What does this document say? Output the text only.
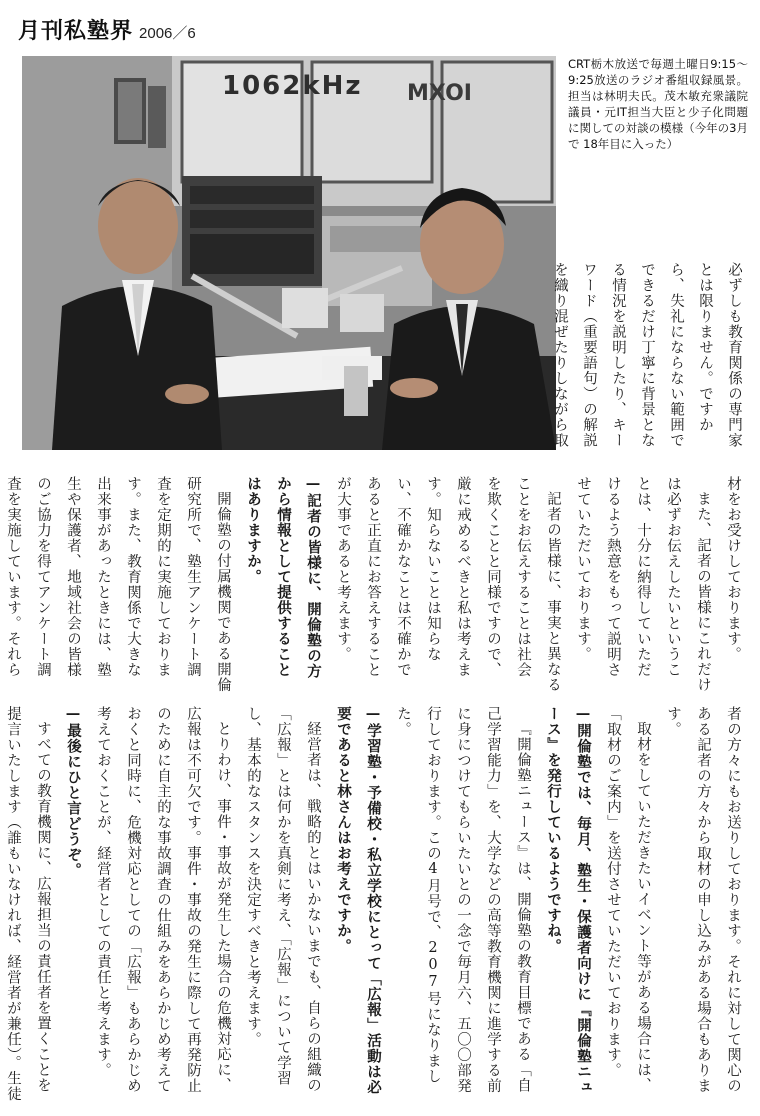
月刊私塾界 2006／6
1062kHz MXOI
CRT栃木放送で毎週土曜日9:15〜9:25放送のラジオ番組収録風景。担当は林明夫氏。茂木敏充衆議院議員・元IT担当大臣と少子化問題に関しての対談の模様（今年の3月で 18年目に入った）

必ずしも教育関係の専門家とは限りません。ですから、失礼にならない範囲でできるだけ丁寧に背景となる情況を説明したり、キーワード（重要語句）の解説を織り混ぜたりしながら取

材をお受けしております。

また、記者の皆様にこれだけは必ずお伝えしたいということは、十分に納得していただけるよう熱意をもって説明させていただいております。

記者の皆様に、事実と異なることをお伝えすることは社会を欺くことと同様ですので、厳に戒めるべきと私は考えます。知らないことは知らない、不確かなことは不確かであると正直にお答えすることが大事であると考えます。

—記者の皆様に、開倫塾の方から情報として提供することはありますか。

開倫塾の付属機関である開倫研究所で、塾生アンケート調査を定期的に実施しております。また、教育関係で大きな出来事があったときには、塾生や保護者、地域社会の皆様のご協力を得てアンケート調査を実施しています。それら

者の方々にもお送りしております。それに対して関心のある記者の方々から取材の申し込みがある場合もあります。

取材をしていただきたいイベント等がある場合には、「取材のご案内」を送付させていただいております。

—開倫塾では、毎月、塾生・保護者向けに『開倫塾ニュース』を発行しているようですね。

『開倫塾ニュース』は、開倫塾の教育目標である「自己学習能力」を、大学などの高等教育機関に進学する前に身につけてもらいたいとの一念で毎月六、五〇〇部発行しております。この4月号で、207号になりました。

—学習塾・予備校・私立学校にとって「広報」活動は必要であると林さんはお考えですか。

経営者は、戦略的とはいかないまでも、自らの組織の「広報」とは何かを真剣に考え、「広報」について学習し、基本的なスタンスを決定すべきと考えます。

とりわけ、事件・事故が発生した場合の危機対応に、広報は不可欠です。事件・事故の発生に際して再発防止のために自主的な事故調査の仕組みをあらかじめ考えておくと同時に、危機対応としての「広報」もあらかじめ考えておくことが、経営者としての責任と考えます。

—最後にひと言どうぞ。

すべての教育機関に、広報担当の責任者を置くことを提言いたします（誰もいなければ、経営者が兼任）。生徒
